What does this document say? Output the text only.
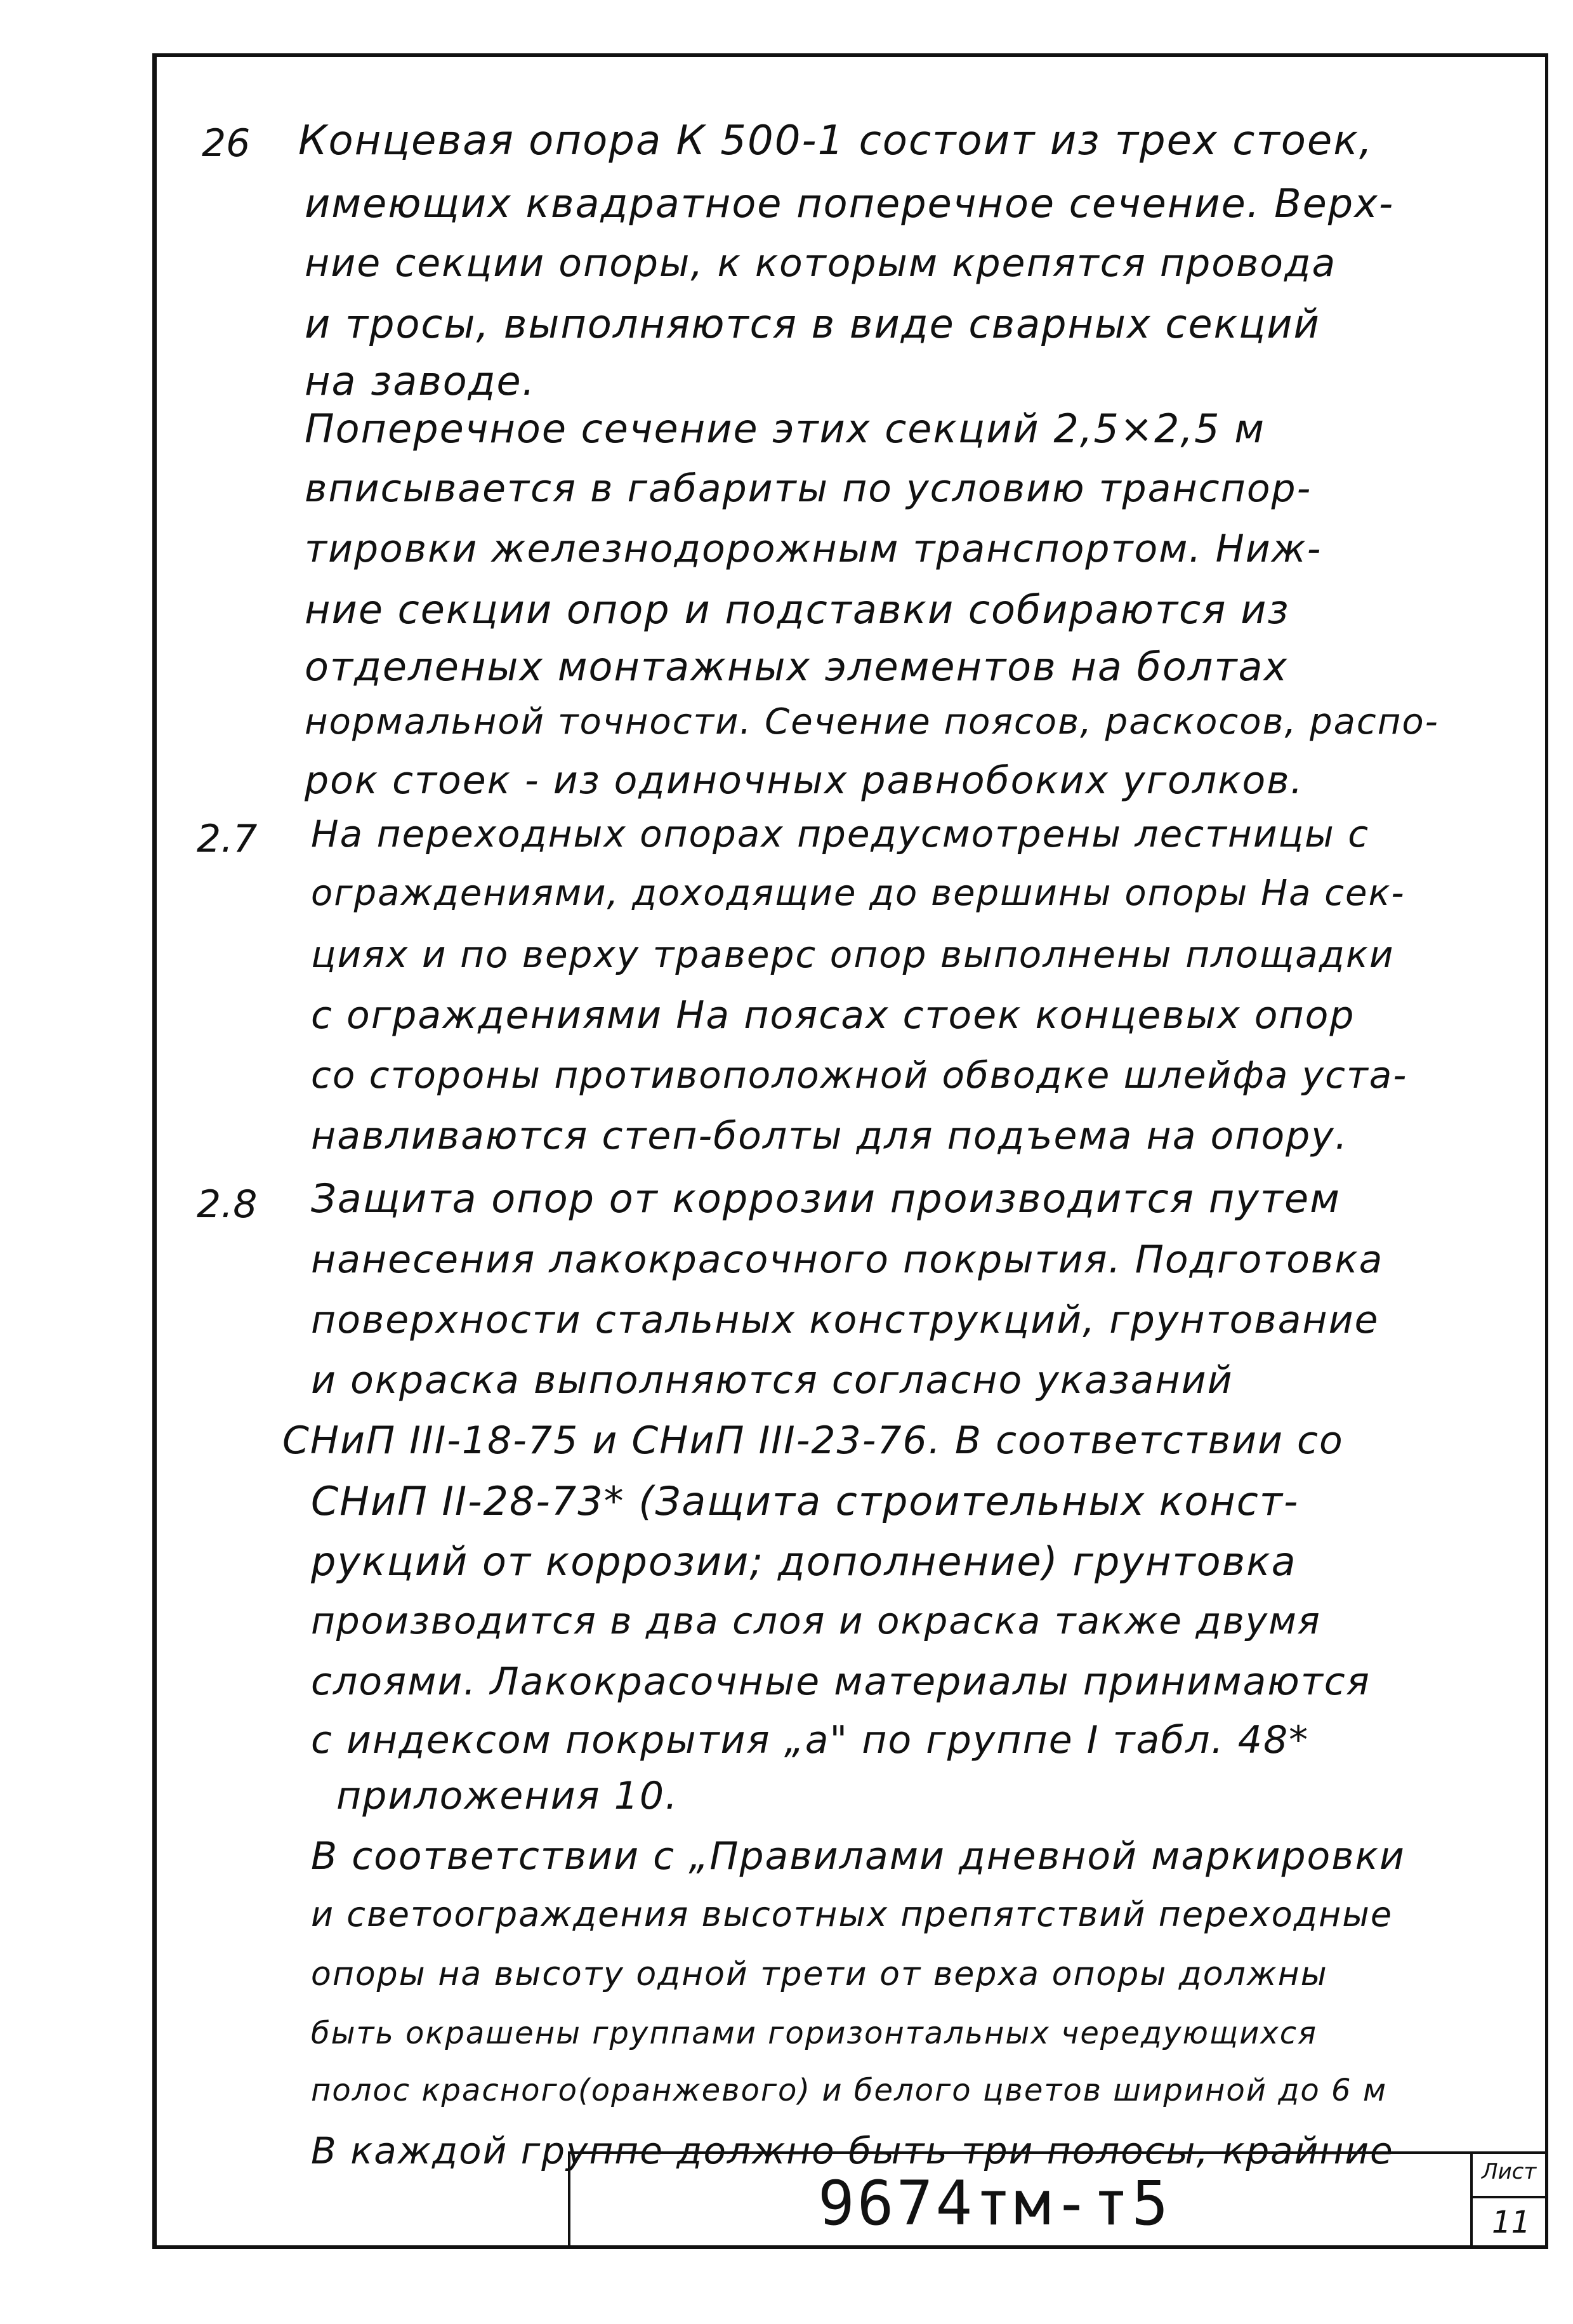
26 Концевая опора К 500-1 состоит из трех стоек,
имеющих квадратное поперечное сечение. Верх-
ние секции опоры, к которым крепятся провода
и тросы, выполняются в виде сварных секций
на заводе.
Поперечное сечение этих секций 2,5×2,5 м
вписывается в габариты по условию транспор-
тировки железнодорожным транспортом. Ниж-
ние секции опор и подставки собираются из
отделеных монтажных элементов на болтах
нормальной точности. Сечение поясов, раскосов, распо-
рок стоек - из одиночных равнобоких уголков.
2.7 На переходных опорах предусмотрены лестницы с
ограждениями, доходящие до вершины опоры На сек-
циях и по верху траверс опор выполнены площадки
с ограждениями На поясах стоек концевых опор
со стороны противоположной обводке шлейфа уста-
навливаются степ-болты для подъема на опору.
2.8 Защита опор от коррозии производится путем
нанесения лакокрасочного покрытия. Подготовка
поверхности стальных конструкций, грунтование
и окраска выполняются согласно указаний
СНиП III-18-75 и СНиП III-23-76. В соответствии со
СНиП II-28-73* (Защита строительных конст-
рукций от коррозии; дополнение) грунтовка
производится в два слоя и окраска также двумя
слоями. Лакокрасочные материалы принимаются
с индексом покрытия „а" по группе I табл. 48*
приложения 10.
В соответствии с „Правилами дневной маркировки
и светоограждения высотных препятствий переходные
опоры на высоту одной трети от верха опоры должны
быть окрашены группами горизонтальных чередующихся
полос красного(оранжевого) и белого цветов шириной до 6 м
В каждой группе должно быть три полосы, крайние
9674тм-т5	Лист
11
